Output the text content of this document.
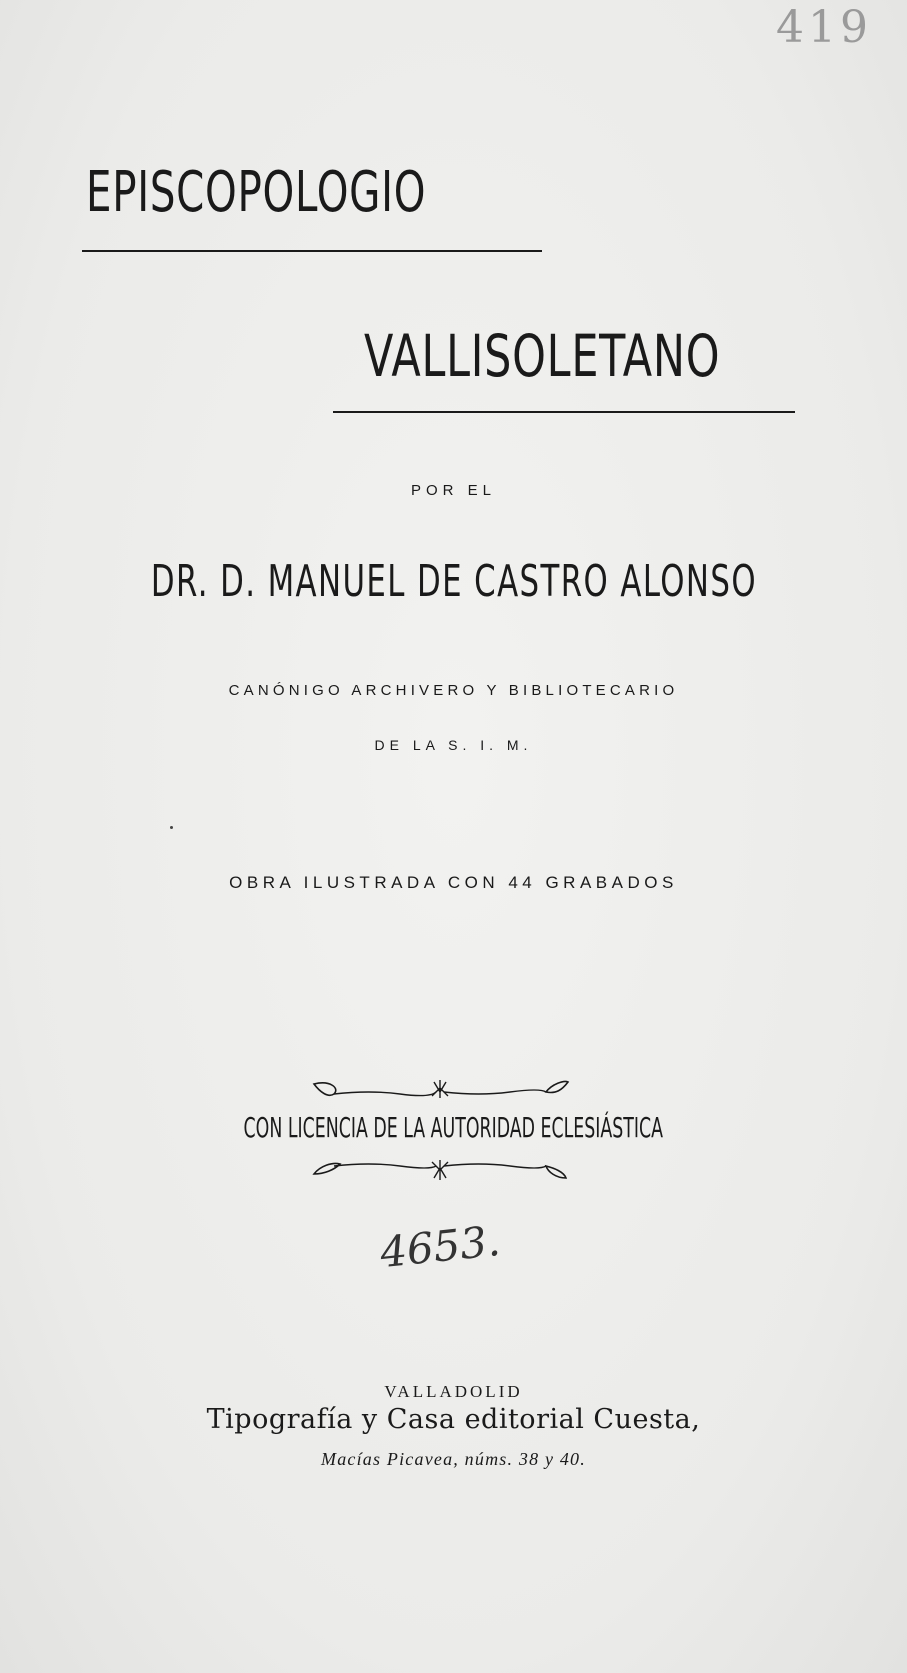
419
EPISCOPOLOGIO
VALLISOLETANO
POR EL
DR. D. MANUEL DE CASTRO ALONSO
CANÓNIGO ARCHIVERO Y BIBLIOTECARIO
DE LA S. I. M.
OBRA ILUSTRADA CON 44 GRABADOS
CON LICENCIA DE LA AUTORIDAD ECLESIÁSTICA
4653.
VALLADOLID
Tipografía y Casa editorial Cuesta,
Macías Picavea, núms. 38 y 40.
